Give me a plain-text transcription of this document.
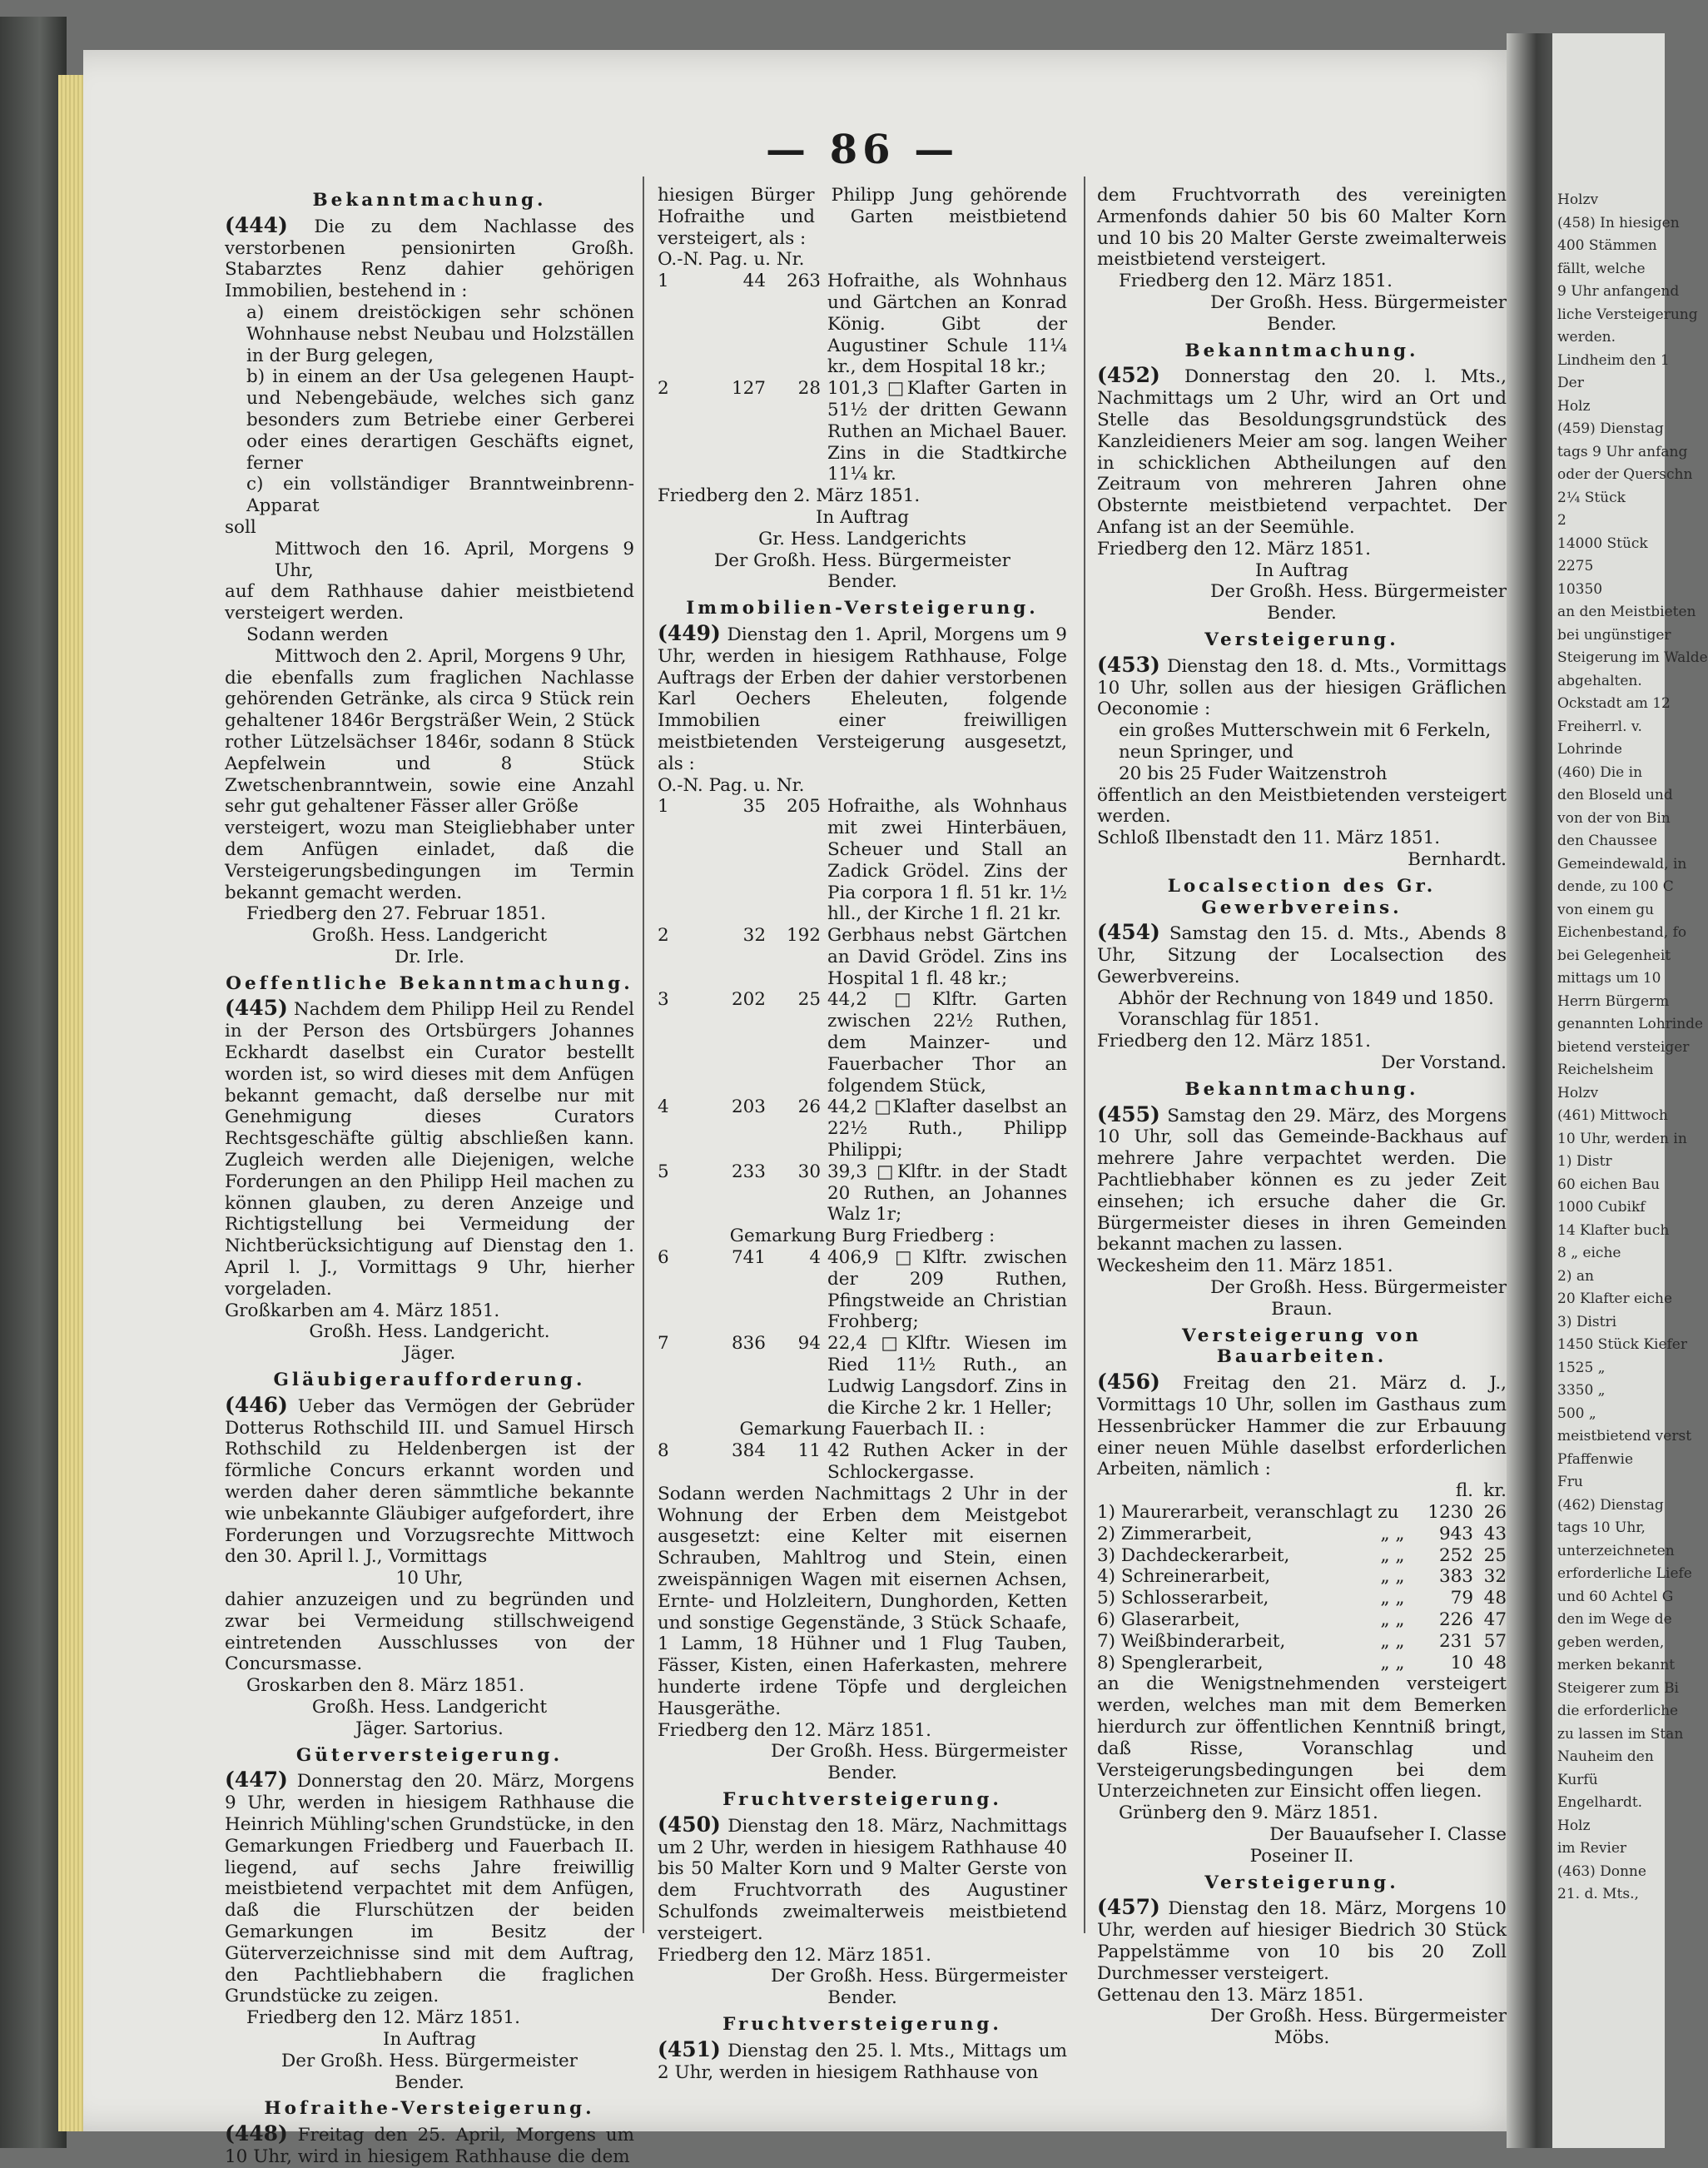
Holzv
(458) In hiesigen
400 Stämmen
fällt, welche
9 Uhr anfangend
liche Versteigerung
werden.
Lindheim den 1
Der
Holz
(459) Dienstag
tags 9 Uhr anfang
oder der Querschn
2¼ Stück
2
14000 Stück
2275
10350
an den Meistbieten
bei ungünstiger
Steigerung im Walde
abgehalten.
Ockstadt am 12
Freiherrl. v.
Lohrinde
(460) Die in
den Bloseld und
von der von Bin
den Chaussee
Gemeindewald, in
dende, zu 100 C
von einem gu
Eichenbestand, fo
bei Gelegenheit
mittags um 10
Herrn Bürgerm
genannten Lohrinde
bietend versteiger
Reichelsheim
Holzv
(461) Mittwoch
10 Uhr, werden in
1) Distr
60 eichen Bau
1000 Cubikf
14 Klafter buch
8 „ eiche
2) an
20 Klafter eiche
3) Distri
1450 Stück Kiefer
1525 „
3350 „
500 „
meistbietend verst
Pfaffenwie
Fru
(462) Dienstag
tags 10 Uhr,
unterzeichneten
erforderliche Liefe
und 60 Achtel G
den im Wege de
geben werden,
merken bekannt
Steigerer zum Bi
die erforderliche
zu lassen im Stan
Nauheim den
Kurfü
Engelhardt.
Holz
im Revier
(463) Donne
21. d. Mts.,
— 86 —

Bekanntmachung.

(444) Die zu dem Nachlasse des verstorbenen pensionirten Großh. Stabarztes Renz dahier gehörigen Immobilien, bestehend in :

a) einem dreistöckigen sehr schönen Wohnhause nebst Neubau und Holzställen in der Burg gelegen,

b) in einem an der Usa gelegenen Haupt- und Nebengebäude, welches sich ganz besonders zum Betriebe einer Gerberei oder eines derartigen Geschäfts eignet, ferner

c) ein vollständiger Branntweinbrenn-Apparat

soll

Mittwoch den 16. April, Morgens 9 Uhr,

auf dem Rathhause dahier meistbietend versteigert werden.

Sodann werden

Mittwoch den 2. April, Morgens 9 Uhr,

die ebenfalls zum fraglichen Nachlasse gehörenden Getränke, als circa 9 Stück rein gehaltener 1846r Bergsträßer Wein, 2 Stück rother Lützelsächser 1846r, sodann 8 Stück Aepfelwein und 8 Stück Zwetschenbranntwein, sowie eine Anzahl sehr gut gehaltener Fässer aller Größe

versteigert, wozu man Steigliebhaber unter dem Anfügen einladet, daß die Versteigerungsbedingungen im Termin bekannt gemacht werden.

Friedberg den 27. Februar 1851.

Großh. Hess. Landgericht

Dr. Irle.

Oeffentliche Bekanntmachung.

(445) Nachdem dem Philipp Heil zu Rendel in der Person des Ortsbürgers Johannes Eckhardt daselbst ein Curator bestellt worden ist, so wird dieses mit dem Anfügen bekannt gemacht, daß derselbe nur mit Genehmigung dieses Curators Rechtsgeschäfte gültig abschließen kann. Zugleich werden alle Diejenigen, welche Forderungen an den Philipp Heil machen zu können glauben, zu deren Anzeige und Richtigstellung bei Vermeidung der Nichtberücksichtigung auf Dienstag den 1. April l. J., Vormittags 9 Uhr, hierher vorgeladen.

Großkarben am 4. März 1851.

Großh. Hess. Landgericht.

Jäger.

Gläubigeraufforderung.

(446) Ueber das Vermögen der Gebrüder Dotterus Rothschild III. und Samuel Hirsch Rothschild zu Heldenbergen ist der förmliche Concurs erkannt worden und werden daher deren sämmtliche bekannte wie unbekannte Gläubiger aufgefordert, ihre Forderungen und Vorzugsrechte Mittwoch den 30. April l. J., Vormittags

10 Uhr,

dahier anzuzeigen und zu begründen und zwar bei Vermeidung stillschweigend eintretenden Ausschlusses von der Concursmasse.

Groskarben den 8. März 1851.

Großh. Hess. Landgericht

Jäger. Sartorius.

Güterversteigerung.

(447) Donnerstag den 20. März, Morgens 9 Uhr, werden in hiesigem Rathhause die Heinrich Mühling'schen Grundstücke, in den Gemarkungen Friedberg und Fauerbach II. liegend, auf sechs Jahre freiwillig meistbietend verpachtet mit dem Anfügen, daß die Flurschützen der beiden Gemarkungen im Besitz der Güterverzeichnisse sind mit dem Auftrag, den Pachtliebhabern die fraglichen Grundstücke zu zeigen.

Friedberg den 12. März 1851.

In Auftrag

Der Großh. Hess. Bürgermeister

Bender.

Hofraithe-Versteigerung.

(448) Freitag den 25. April, Morgens um 10 Uhr, wird in hiesigem Rathhause die dem

hiesigen Bürger Philipp Jung gehörende Hofraithe und Garten meistbietend versteigert, als :

O.-N. Pag. u. Nr.

1	44	263 Hofraithe, als Wohnhaus und Gärtchen an Konrad König. Gibt der Augustiner Schule 11¼ kr., dem Hospital 18 kr.;
2	127	28 101,3 □Klafter Garten in 51½ der dritten Gewann Ruthen an Michael Bauer. Zins in die Stadtkirche 11¼ kr.

Friedberg den 2. März 1851.

In Auftrag

Gr. Hess. Landgerichts

Der Großh. Hess. Bürgermeister

Bender.

Immobilien-Versteigerung.

(449) Dienstag den 1. April, Morgens um 9 Uhr, werden in hiesigem Rathhause, Folge Auftrags der Erben der dahier verstorbenen Karl Oechers Eheleuten, folgende Immobilien einer freiwilligen meistbietenden Versteigerung ausgesetzt, als :

O.-N. Pag. u. Nr.

1	35	205 Hofraithe, als Wohnhaus mit zwei Hinterbäuen, Scheuer und Stall an Zadick Grödel. Zins der Pia corpora 1 fl. 51 kr. 1½ hll., der Kirche 1 fl. 21 kr.
2	32	192 Gerbhaus nebst Gärtchen an David Grödel. Zins ins Hospital 1 fl. 48 kr.;
3	202	25 44,2 □Klftr. Garten zwischen 22½ Ruthen, dem Mainzer- und Fauerbacher Thor an folgendem Stück,
4	203	26 44,2 □Klafter daselbst an 22½ Ruth., Philipp Philippi;
5	233	30 39,3 □Klftr. in der Stadt 20 Ruthen, an Johannes Walz 1r;

Gemarkung Burg Friedberg :

6	741	4 406,9 □Klftr. zwischen der 209 Ruthen, Pfingstweide an Christian Frohberg;
7	836	94 22,4 □Klftr. Wiesen im Ried 11½ Ruth., an Ludwig Langsdorf. Zins in die Kirche 2 kr. 1 Heller;

Gemarkung Fauerbach II. :

8	384	11 42 Ruthen Acker in der Schlockergasse.

Sodann werden Nachmittags 2 Uhr in der Wohnung der Erben dem Meistgebot ausgesetzt: eine Kelter mit eisernen Schrauben, Mahltrog und Stein, einen zweispännigen Wagen mit eisernen Achsen, Ernte- und Holzleitern, Dunghorden, Ketten und sonstige Gegenstände, 3 Stück Schaafe, 1 Lamm, 18 Hühner und 1 Flug Tauben, Fässer, Kisten, einen Haferkasten, mehrere hunderte irdene Töpfe und dergleichen Hausgeräthe.

Friedberg den 12. März 1851.

Der Großh. Hess. Bürgermeister

Bender.

Fruchtversteigerung.

(450) Dienstag den 18. März, Nachmittags um 2 Uhr, werden in hiesigem Rathhause 40 bis 50 Malter Korn und 9 Malter Gerste von dem Fruchtvorrath des Augustiner Schulfonds zweimalterweis meistbietend versteigert.

Friedberg den 12. März 1851.

Der Großh. Hess. Bürgermeister

Bender.

Fruchtversteigerung.

(451) Dienstag den 25. l. Mts., Mittags um 2 Uhr, werden in hiesigem Rathhause von

dem Fruchtvorrath des vereinigten Armenfonds dahier 50 bis 60 Malter Korn und 10 bis 20 Malter Gerste zweimalterweis meistbietend versteigert.

Friedberg den 12. März 1851.

Der Großh. Hess. Bürgermeister

Bender.

Bekanntmachung.

(452) Donnerstag den 20. l. Mts., Nachmittags um 2 Uhr, wird an Ort und Stelle das Besoldungsgrundstück des Kanzleidieners Meier am sog. langen Weiher in schicklichen Abtheilungen auf den Zeitraum von mehreren Jahren ohne Obsternte meistbietend verpachtet. Der Anfang ist an der Seemühle.

Friedberg den 12. März 1851.

In Auftrag

Der Großh. Hess. Bürgermeister

Bender.

Versteigerung.

(453) Dienstag den 18. d. Mts., Vormittags 10 Uhr, sollen aus der hiesigen Gräflichen Oeconomie :

ein großes Mutterschwein mit 6 Ferkeln,

neun Springer, und

20 bis 25 Fuder Waitzenstroh

öffentlich an den Meistbietenden versteigert werden.

Schloß Ilbenstadt den 11. März 1851.

Bernhardt.

Localsection des Gr. Gewerbvereins.

(454) Samstag den 15. d. Mts., Abends 8 Uhr, Sitzung der Localsection des Gewerbvereins.

Abhör der Rechnung von 1849 und 1850.

Voranschlag für 1851.

Friedberg den 12. März 1851.

Der Vorstand.

Bekanntmachung.

(455) Samstag den 29. März, des Morgens 10 Uhr, soll das Gemeinde-Backhaus auf mehrere Jahre verpachtet werden. Die Pachtliebhaber können es zu jeder Zeit einsehen; ich ersuche daher die Gr. Bürgermeister dieses in ihren Gemeinden bekannt machen zu lassen.

Weckesheim den 11. März 1851.

Der Großh. Hess. Bürgermeister

Braun.

Versteigerung von Bauarbeiten.

(456) Freitag den 21. März d. J., Vormittags 10 Uhr, sollen im Gasthaus zum Hessenbrücker Hammer die zur Erbauung einer neuen Mühle daselbst erforderlichen Arbeiten, nämlich :

fl. kr.
1) Maurerarbeit, veranschlagt zu	1230 26
2) Zimmerarbeit,	„ „	943 43
3) Dachdeckerarbeit,	„ „	252 25
4) Schreinerarbeit,	„ „	383 32
5) Schlosserarbeit,	„ „	79 48
6) Glaserarbeit,	„ „	226 47
7) Weißbinderarbeit,	„ „	231 57
8) Spenglerarbeit,	„ „	10 48

an die Wenigstnehmenden versteigert werden, welches man mit dem Bemerken hierdurch zur öffentlichen Kenntniß bringt, daß Risse, Voranschlag und Versteigerungsbedingungen bei dem Unterzeichneten zur Einsicht offen liegen.

Grünberg den 9. März 1851.

Der Bauaufseher I. Classe

Poseiner II.

Versteigerung.

(457) Dienstag den 18. März, Morgens 10 Uhr, werden auf hiesiger Biedrich 30 Stück Pappelstämme von 10 bis 20 Zoll Durchmesser versteigert.

Gettenau den 13. März 1851.

Der Großh. Hess. Bürgermeister

Möbs.
